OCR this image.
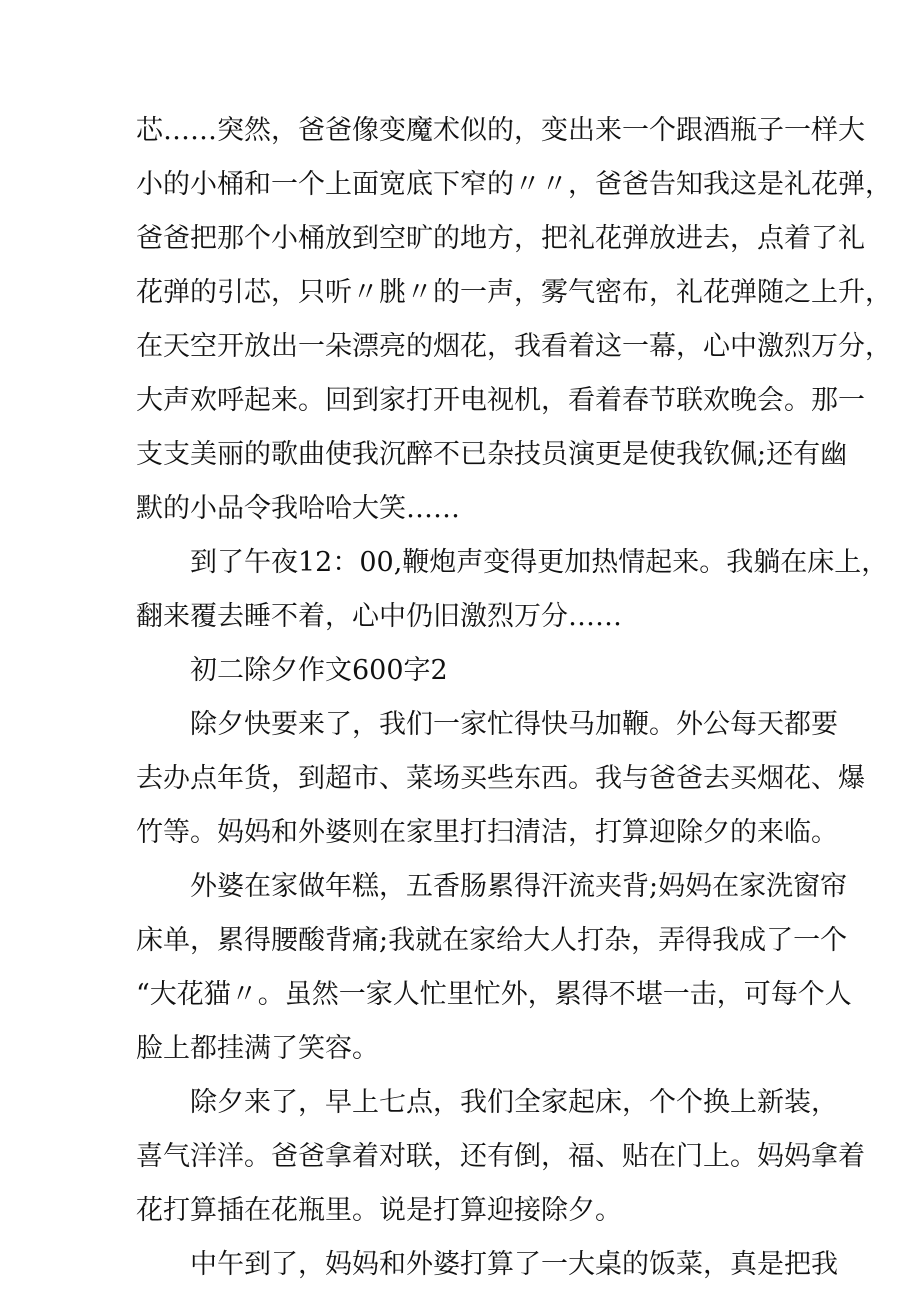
芯……突然，爸爸像变魔术似的，变出来一个跟酒瓶子一样大
小的小桶和一个上面宽底下窄的〃〃，爸爸告知我这是礼花弹，
爸爸把那个小桶放到空旷的地方，把礼花弹放进去，点着了礼
花弹的引芯，只听〃朓〃的一声，雾气密布，礼花弹随之上升，
在天空开放出一朵漂亮的烟花，我看着这一幕，心中激烈万分，
大声欢呼起来。回到家打开电视机，看着春节联欢晚会。那一
支支美丽的歌曲使我沉醉不已杂技员演更是使我钦佩;还有幽
默的小品令我哈哈大笑……
到了午夜12：00,鞭炮声变得更加热情起来。我躺在床上，
翻来覆去睡不着，心中仍旧激烈万分……
初二除夕作文600字2
除夕快要来了，我们一家忙得快马加鞭。外公每天都要
去办点年货，到超市、菜场买些东西。我与爸爸去买烟花、爆
竹等。妈妈和外婆则在家里打扫清洁，打算迎除夕的来临。
外婆在家做年糕，五香肠累得汗流夹背;妈妈在家洗窗帘
床单，累得腰酸背痛;我就在家给大人打杂，弄得我成了一个
“大花猫〃。虽然一家人忙里忙外，累得不堪一击，可每个人
脸上都挂满了笑容。
除夕来了，早上七点，我们全家起床，个个换上新装，
喜气洋洋。爸爸拿着对联，还有倒，福、贴在门上。妈妈拿着
花打算插在花瓶里。说是打算迎接除夕。
中午到了，妈妈和外婆打算了一大桌的饭菜，真是把我
